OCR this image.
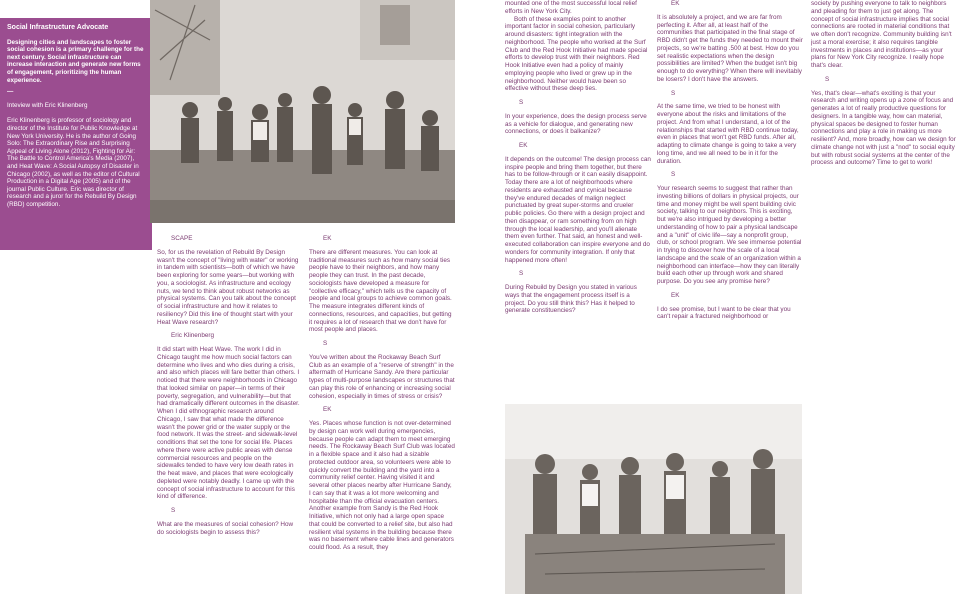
Social Infrastructure Advocate
Designing cities and landscapes to foster social cohesion is a primary challenge for the next century. Social infrastructure can increase interaction and generate new forms of engagement, prioritizing the human experience.
—
Inteview with Eric Klinenberg
Eric Klinenberg is professor of sociology and director of the Institute for Public Knowledge at New York University. He is the author of Going Solo: The Extraordinary Rise and Surprising Appeal of Living Alone (2012), Fighting for Air: The Battle to Control America's Media (2007), and Heat Wave: A Social Autopsy of Disaster in Chicago (2002), as well as the editor of Cultural Production in a Digital Age (2005) and of the journal Public Culture. Eric was director of research and a juror for the Rebuild By Design (RBD) competition.

SCAPE

So, for us the revelation of Rebuild By Design wasn't the concept of "living with water" or working in tandem with scientists—both of which we have been exploring for some years—but working with you, a sociologist. As infrastructure and ecology nuts, we tend to think about robust networks as physical systems. Can you talk about the concept of social infrastructure and how it relates to resiliency? Did this line of thought start with your Heat Wave research?

Eric Klinenberg

It did start with Heat Wave. The work I did in Chicago taught me how much social factors can determine who lives and who dies during a crisis, and also which places will fare better than others. I noticed that there were neighborhoods in Chicago that looked similar on paper—in terms of their poverty, segregation, and vulnerability—but that had dramatically different outcomes in the disaster. When I did ethnographic research around Chicago, I saw that what made the difference wasn't the power grid or the water supply or the food network. It was the street- and sidewalk-level conditions that set the tone for social life. Places where there were active public areas with dense commercial resources and people on the sidewalks tended to have very low death rates in the heat wave, and places that were ecologically depleted were notably deadly. I came up with the concept of social infrastructure to account for this kind of difference.

S

What are the measures of social cohesion? How do sociologists begin to assess this?

EK

There are different measures. You can look at traditional measures such as how many social ties people have to their neighbors, and how many people they can trust. In the past decade, sociologists have developed a measure for "collective efficacy," which tells us the capacity of people and local groups to achieve common goals. The measure integrates different kinds of connections, resources, and capacities, but getting it requires a lot of research that we don't have for most people and places.

S

You've written about the Rockaway Beach Surf Club as an example of a "reserve of strength" in the aftermath of Hurricane Sandy. Are there particular types of multi-purpose landscapes or structures that can play this role of enhancing or increasing social cohesion, especially in times of stress or crisis?

EK

Yes. Places whose function is not over-determined by design can work well during emergencies, because people can adapt them to meet emerging needs. The Rockaway Beach Surf Club was located in a flexible space and it also had a sizable protected outdoor area, so volunteers were able to quickly convert the building and the yard into a community relief center. Having visited it and several other places nearby after Hurricane Sandy, I can say that it was a lot more welcoming and hospitable than the official evacuation centers. Another example from Sandy is the Red Hook Initiative, which not only had a large open space that could be converted to a relief site, but also had resilient vital systems in the building because there was no basement where cable lines and generators could flood. As a result, they

mounted one of the most successful local relief efforts in New York City.

Both of these examples point to another important factor in social cohesion, particularly around disasters: tight integration with the neighborhood. The people who worked at the Surf Club and the Red Hook Initiative had made special efforts to develop trust with their neighbors. Red Hook Initiative even had a policy of mainly employing people who lived or grew up in the neighborhood. Neither would have been so effective without these deep ties.

S

In your experience, does the design process serve as a vehicle for dialogue, and generating new connections, or does it balkanize?

EK

It depends on the outcome! The design process can inspire people and bring them together, but there has to be follow-through or it can easily disappoint. Today there are a lot of neighborhoods where residents are exhausted and cynical because they've endured decades of malign neglect punctuated by great super-storms and crueler public policies. Go there with a design project and then disappear, or ram something from on high through the local leadership, and you'll alienate them even further. That said, an honest and well-executed collaboration can inspire everyone and do wonders for community integration. If only that happened more often!

S

During Rebuild by Design you stated in various ways that the engagement process itself is a project. Do you still think this? Has it helped to generate constituencies?

EK

It is absolutely a project, and we are far from perfecting it. After all, at least half of the communities that participated in the final stage of RBD didn't get the funds they needed to mount their projects, so we're batting .500 at best. How do you set realistic expectations when the design possibilities are limited? When the budget isn't big enough to do everything? When there will inevitably be losers? I don't have the answers.

S

At the same time, we tried to be honest with everyone about the risks and limitations of the project. And from what I understand, a lot of the relationships that started with RBD continue today, even in places that won't get RBD funds. After all, adapting to climate change is going to take a very long time, and we all need to be in it for the duration.

S

Your research seems to suggest that rather than investing billions of dollars in physical projects, our time and money might be well spent building civic society, talking to our neighbors. This is exciting, but we're also intrigued by developing a better understanding of how to pair a physical landscape and a "unit" of civic life—say a nonprofit group, club, or school program. We see immense potential in trying to discover how the scale of a local landscape and the scale of an organization within a neighborhood can interface—how they can literally build each other up through work and shared purpose. Do you see any promise here?

EK

I do see promise, but I want to be clear that you can't repair a fractured neighborhood or

society by pushing everyone to talk to neighbors and pleading for them to just get along. The concept of social infrastructure implies that social connections are rooted in material conditions that we often don't recognize. Community building isn't just a moral exercise; it also requires tangible investments in places and institutions—as your plans for New York City recognize. I really hope that's clear.

S

Yes, that's clear—what's exciting is that your research and writing opens up a zone of focus and generates a lot of really productive questions for designers. In a tangible way, how can material, physical spaces be designed to foster human connections and play a role in making us more resilient? And, more broadly, how can we design for climate change not with just a "nod" to social equity but with robust social systems at the center of the process and outcome? Time to get to work!
